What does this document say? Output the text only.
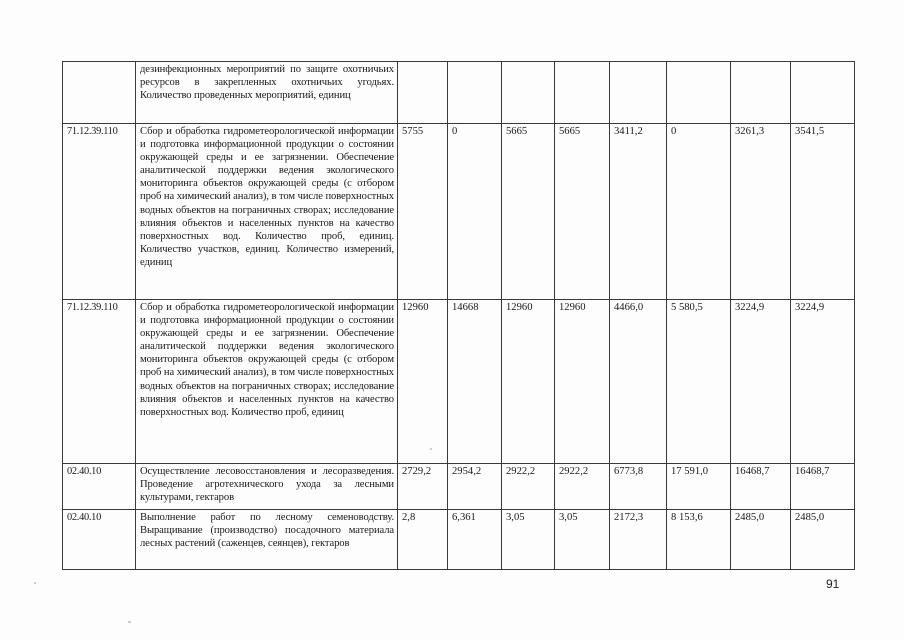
	дезинфекционных мероприятий по защите охотничьих ресурсов в закрепленных охотничьих угодьях. Количество проведенных мероприятий, единиц								
71.12.39.110	Сбор и обработка гидрометеорологической информации и подготовка информационной продукции о состоянии окружающей среды и ее загрязнении. Обеспечение аналитической поддержки ведения экологического мониторинга объектов окружающей среды (с отбором проб на химический анализ), в том числе поверхностных водных объектов на пограничных створах; исследование влияния объектов и населенных пунктов на качество поверхностных вод. Количество проб, единиц. Количество участков, единиц. Количество измерений, единиц	5755	0	5665	5665	3411,2	0	3261,3	3541,5
71.12.39.110	Сбор и обработка гидрометеорологической информации и подготовка информационной продукции о состоянии окружающей среды и ее загрязнении. Обеспечение аналитической поддержки ведения экологического мониторинга объектов окружающей среды (с отбором проб на химический анализ), в том числе поверхностных водных объектов на пограничных створах; исследование влияния объектов и населенных пунктов на качество поверхностных вод. Количество проб, единиц	12960	14668	12960	12960	4466,0	5 580,5	3224,9	3224,9
02.40.10	Осуществление лесовосстановления и лесоразведения. Проведение агротехнического ухода за лесными культурами, гектаров	2729,2	2954,2	2922,2	2922,2	6773,8	17 591,0	16468,7	16468,7
02.40.10	Выполнение работ по лесному семеноводству. Выращивание (производство) посадочного материала лесных растений (саженцев, сеянцев), гектаров	2,8	6,361	3,05	3,05	2172,3	8 153,6	2485,0	2485,0
91
